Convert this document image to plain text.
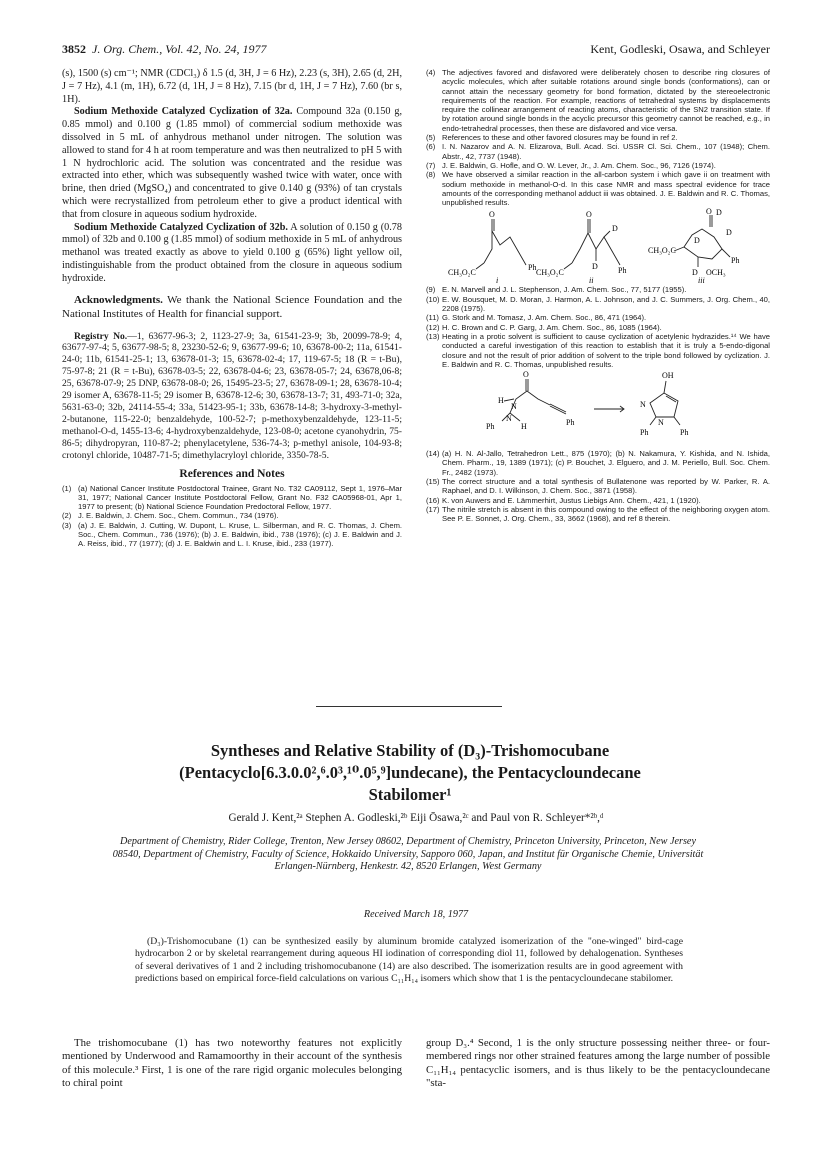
3852 J. Org. Chem., Vol. 42, No. 24, 1977	Kent, Godleski, Osawa, and Schleyer

(s), 1500 (s) cm⁻¹; NMR (CDCl₃) δ 1.5 (d, 3H, J = 6 Hz), 2.23 (s, 3H), 2.65 (d, 2H, J = 7 Hz), 4.1 (m, 1H), 6.72 (d, 1H, J = 8 Hz), 7.15 (br d, 1H, J = 7 Hz), 7.60 (br s, 1H).

Sodium Methoxide Catalyzed Cyclization of 32a. Compound 32a (0.150 g, 0.85 mmol) and 0.100 g (1.85 mmol) of commercial sodium methoxide was dissolved in 5 mL of anhydrous methanol under nitrogen. The solution was allowed to stand for 4 h at room temperature and was then neutralized to pH 5 with 1 N hydrochloric acid. The solution was concentrated and the residue was extracted into ether, which was subsequently washed twice with water, once with brine, then dried (MgSO₄) and concentrated to give 0.140 g (93%) of tan crystals which were recrystallized from petroleum ether to give a product identical with that from closure in aqueous sodium hydroxide.

Sodium Methoxide Catalyzed Cyclization of 32b. A solution of 0.150 g (0.78 mmol) of 32b and 0.100 g (1.85 mmol) of sodium methoxide in 5 mL of anhydrous methanol was treated exactly as above to yield 0.100 g (65%) light yellow oil, indistinguishable from the product obtained from the closure in aqueous sodium hydroxide.

Acknowledgments. We thank the National Science Foundation and the National Institutes of Health for financial support.

Registry No.—1, 63677-96-3; 2, 1123-27-9; 3a, 61541-23-9; 3b, 20099-78-9; 4, 63677-97-4; 5, 63677-98-5; 8, 23230-52-6; 9, 63677-99-6; 10, 63678-00-2; 11a, 61541-24-0; 11b, 61541-25-1; 13, 63678-01-3; 15, 63678-02-4; 17, 119-67-5; 18 (R = t-Bu), 75-97-8; 21 (R = t-Bu), 63678-03-5; 22, 63678-04-6; 23, 63678-05-7; 24, 63678,06-8; 25, 63678-07-9; 25 DNP, 63678-08-0; 26, 15495-23-5; 27, 63678-09-1; 28, 63678-10-4; 29 isomer A, 63678-11-5; 29 isomer B, 63678-12-6; 30, 63678-13-7; 31, 493-71-0; 32a, 5631-63-0; 32b, 24114-55-4; 33a, 51423-95-1; 33b, 63678-14-8; 3-hydroxy-3-methyl-2-butanone, 115-22-0; benzaldehyde, 100-52-7; p-methoxybenzaldehyde, 123-11-5; methanol-O-d, 1455-13-6; 4-hydroxybenzaldehyde, 123-08-0; acetone cyanohydrin, 75-86-5; dihydropyran, 110-87-2; phenylacetylene, 536-74-3; p-methyl anisole, 104-93-8; crotonyl chloride, 10487-71-5; dimethylacryloyl chloride, 3350-78-5.

References and Notes
(1) (a) National Cancer Institute Postdoctoral Trainee, Grant No. T32 CA09112, Sept 1, 1976–Mar 31, 1977; National Cancer Institute Postdoctoral Fellow, Grant No. F32 CA05968-01, Apr 1, 1977 to present; (b) National Science Foundation Predoctoral Fellow, 1977.
(2) J. E. Baldwin, J. Chem. Soc., Chem. Commun., 734 (1976).
(3) (a) J. E. Baldwin, J. Cutting, W. Dupont, L. Kruse, L. Silberman, and R. C. Thomas, J. Chem. Soc., Chem. Commun., 736 (1976); (b) J. E. Baldwin, ibid., 738 (1976); (c) J. E. Baldwin and J. A. Reiss, ibid., 77 (1977); (d) J. E. Baldwin and L. I. Kruse, ibid., 233 (1977).
(4) The adjectives favored and disfavored were deliberately chosen to describe ring closures of acyclic molecules, which after suitable rotations around single bonds (conformations), can or cannot attain the necessary geometry for bond formation, dictated by the stereoelectronic requirements of the reaction. For example, reactions of tetrahedral systems by displacements require the collinear arrangement of reacting atoms, characteristic of the SN2 transition state. If by rotation around single bonds in the acyclic precursor this geometry cannot be reached, e.g., in endo-tetrahedral processes, then these are disfavored and vice versa.
(5) References to these and other favored closures may be found in ref 2.
(6) I. N. Nazarov and A. N. Elizarova, Bull. Acad. Sci. USSR Cl. Sci. Chem., 107 (1948); Chem. Abstr., 42, 7737 (1948).
(7) J. E. Baldwin, G. Hofle, and O. W. Lever, Jr., J. Am. Chem. Soc., 96, 7126 (1974).
(8) We have observed a similar reaction in the all-carbon system i which gave ii on treatment with sodium methoxide in methanol-O-d. In this case NMR and mass spectral evidence for trace amounts of the corresponding methanol adduct iii was obtained. J. E. Baldwin and R. C. Thomas, unpublished results.
O
CH₃O₂C
Ph
i
O
D
CH₃O₂C
D	Ph
ii
O D
D
D
CH₃O₂C
Ph
D OCH₃
iii
(9) E. N. Marvell and J. L. Stephenson, J. Am. Chem. Soc., 77, 5177 (1955).
(10) E. W. Bousquet, M. D. Moran, J. Harmon, A. L. Johnson, and J. C. Summers, J. Org. Chem., 40, 2208 (1975).
(11) G. Stork and M. Tomasz, J. Am. Chem. Soc., 86, 471 (1964).
(12) H. C. Brown and C. P. Garg, J. Am. Chem. Soc., 86, 1085 (1964).
(13) Heating in a protic solvent is sufficient to cause cyclization of acetylenic hydrazides.¹⁴ We have conducted a careful investigation of this reaction to establish that it is truly a 5-endo-digonal closure and not the result of prior addition of solvent to the triple bond followed by cyclization. J. E. Baldwin and R. C. Thomas, unpublished results.
O
H
N
N
Ph	H	Ph
OH
N
N
Ph	Ph
(14) (a) H. N. Al-Jallo, Tetrahedron Lett., 875 (1970); (b) N. Nakamura, Y. Kishida, and N. Ishida, Chem. Pharm., 19, 1389 (1971); (c) P. Bouchet, J. Elguero, and J. M. Periello, Bull. Soc. Chem. Fr., 2482 (1973).
(15) The correct structure and a total synthesis of Bullatenone was reported by W. Parker, R. A. Raphael, and D. I. Wilkinson, J. Chem. Soc., 3871 (1958).
(16) K. von Auwers and E. Lämmerhirt, Justus Liebigs Ann. Chem., 421, 1 (1920).
(17) The nitrile stretch is absent in this compound owing to the effect of the neighboring oxygen atom. See P. E. Sonnet, J. Org. Chem., 33, 3662 (1968), and ref 8 therein.
Syntheses and Relative Stability of (D₃)-Trishomocubane
(Pentacyclo[6.3.0.0²,⁶.0³,¹⁰.0⁵,⁹]undecane), the Pentacycloundecane
Stabilomer¹
Gerald J. Kent,²ᵃ Stephen A. Godleski,²ᵇ Eiji Ōsawa,²ᶜ and Paul von R. Schleyer*²ᵇ,ᵈ
Department of Chemistry, Rider College, Trenton, New Jersey 08602, Department of Chemistry, Princeton University, Princeton, New Jersey 08540, Department of Chemistry, Faculty of Science, Hokkaido University, Sapporo 060, Japan, and Institut für Organische Chemie, Universität Erlangen-Nürnberg, Henkestr. 42, 8520 Erlangen, West Germany
Received March 18, 1977
(D₃)-Trishomocubane (1) can be synthesized easily by aluminum bromide catalyzed isomerization of the "one-winged" bird-cage hydrocarbon 2 or by skeletal rearrangement during aqueous HI iodination of corresponding diol 11, followed by dehalogenation. Syntheses of several derivatives of 1 and 2 including trishomocubanone (14) are also described. The isomerization results are in good agreement with predictions based on empirical force-field calculations on various C₁₁H₁₄ isomers which show that 1 is the pentacycloundecane stabilomer.

The trishomocubane (1) has two noteworthy features not explicitly mentioned by Underwood and Ramamoorthy in their account of the synthesis of this molecule.³ First, 1 is one of the rare rigid organic molecules belonging to chiral point

group D₃.⁴ Second, 1 is the only structure possessing neither three- or four-membered rings nor other strained features among the large number of possible C₁₁H₁₄ pentacyclic isomers, and is thus likely to be the pentacycloundecane "sta-
